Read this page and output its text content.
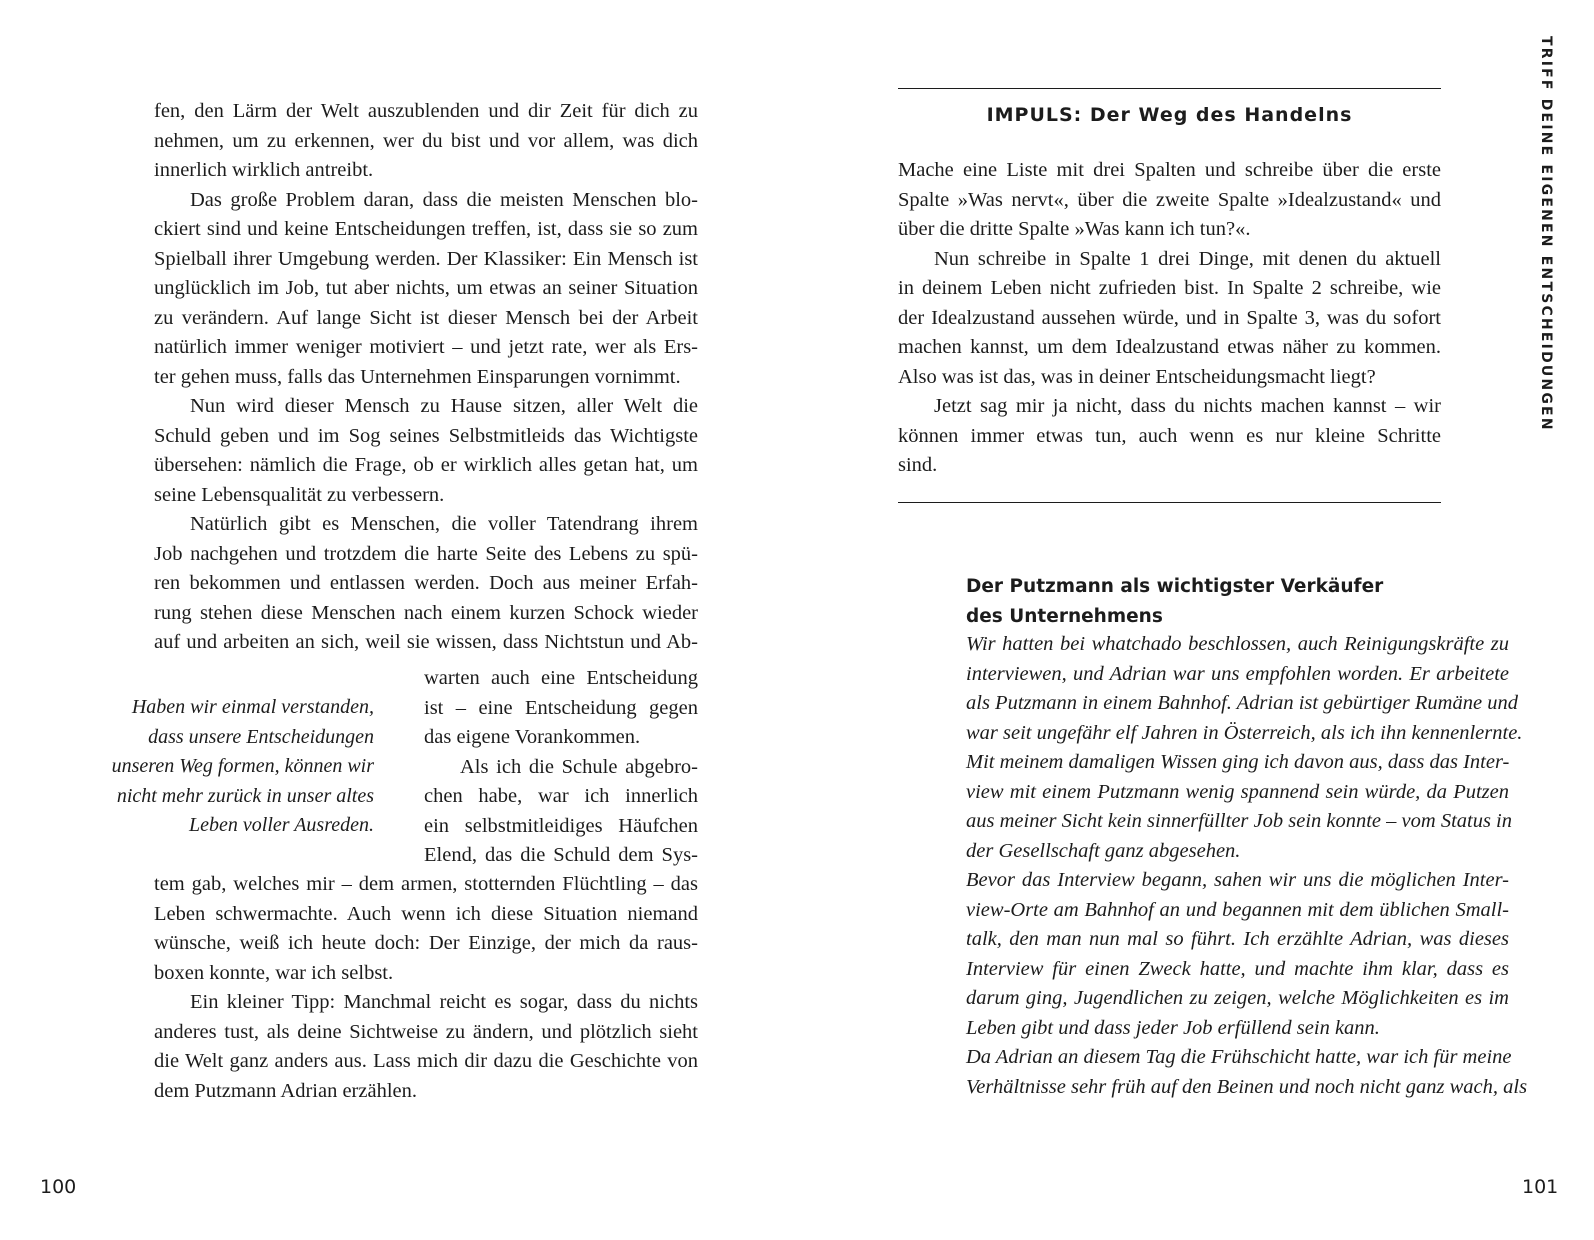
fen, den Lärm der Welt auszublenden und dir Zeit für dich zu
nehmen, um zu erkennen, wer du bist und vor allem, was dich
innerlich wirklich antreibt.
Das große Problem daran, dass die meisten Menschen blo-
ckiert sind und keine Entscheidungen treffen, ist, dass sie so zum
Spielball ihrer Umgebung werden. Der Klassiker: Ein Mensch ist
unglücklich im Job, tut aber nichts, um etwas an seiner Situation
zu verändern. Auf lange Sicht ist dieser Mensch bei der Arbeit
natürlich immer weniger motiviert – und jetzt rate, wer als Ers-
ter gehen muss, falls das Unternehmen Einsparungen vornimmt.
Nun wird dieser Mensch zu Hause sitzen, aller Welt die
Schuld geben und im Sog seines Selbstmitleids das Wichtigste
übersehen: nämlich die Frage, ob er wirklich alles getan hat, um
seine Lebensqualität zu verbessern.
Natürlich gibt es Menschen, die voller Tatendrang ihrem
Job nachgehen und trotzdem die harte Seite des Lebens zu spü-
ren bekommen und entlassen werden. Doch aus meiner Erfah-
rung stehen diese Menschen nach einem kurzen Schock wieder
auf und arbeiten an sich, weil sie wissen, dass Nichtstun und Ab-
warten auch eine Entscheidung
ist – eine Entscheidung gegen
das eigene Vorankommen.
Als ich die Schule abgebro-
chen habe, war ich innerlich
ein selbstmitleidiges Häufchen
Elend, das die Schuld dem Sys-
Haben wir einmal verstanden,
dass unsere Entscheidungen
unseren Weg formen, können wir
nicht mehr zurück in unser altes
Leben voller Ausreden.
tem gab, welches mir – dem armen, stotternden Flüchtling – das
Leben schwermachte. Auch wenn ich diese Situation niemand
wünsche, weiß ich heute doch: Der Einzige, der mich da raus-
boxen konnte, war ich selbst.
Ein kleiner Tipp: Manchmal reicht es sogar, dass du nichts
anderes tust, als deine Sichtweise zu ändern, und plötzlich sieht
die Welt ganz anders aus. Lass mich dir dazu die Geschichte von
dem Putzmann Adrian erzählen.
100
IMPULS: Der Weg des Handelns
Mache eine Liste mit drei Spalten und schreibe über die erste
Spalte »Was nervt«, über die zweite Spalte »Idealzustand« und
über die dritte Spalte »Was kann ich tun?«.
Nun schreibe in Spalte 1 drei Dinge, mit denen du aktuell
in deinem Leben nicht zufrieden bist. In Spalte 2 schreibe, wie
der Idealzustand aussehen würde, und in Spalte 3, was du sofort
machen kannst, um dem Idealzustand etwas näher zu kommen.
Also was ist das, was in deiner Entscheidungsmacht liegt?
Jetzt sag mir ja nicht, dass du nichts machen kannst – wir
können immer etwas tun, auch wenn es nur kleine Schritte
sind.
Der Putzmann als wichtigster Verkäufer
des Unternehmens
Wir hatten bei whatchado beschlossen, auch Reinigungskräfte zu
interviewen, und Adrian war uns empfohlen worden. Er arbeitete
als Putzmann in einem Bahnhof. Adrian ist gebürtiger Rumäne und
war seit ungefähr elf Jahren in Österreich, als ich ihn kennenlernte.
Mit meinem damaligen Wissen ging ich davon aus, dass das Inter-
view mit einem Putzmann wenig spannend sein würde, da Putzen
aus meiner Sicht kein sinnerfüllter Job sein konnte – vom Status in
der Gesellschaft ganz abgesehen.
Bevor das Interview begann, sahen wir uns die möglichen Inter-
view-Orte am Bahnhof an und begannen mit dem üblichen Small-
talk, den man nun mal so führt. Ich erzählte Adrian, was dieses
Interview für einen Zweck hatte, und machte ihm klar, dass es
darum ging, Jugendlichen zu zeigen, welche Möglichkeiten es im
Leben gibt und dass jeder Job erfüllend sein kann.
Da Adrian an diesem Tag die Frühschicht hatte, war ich für meine
Verhältnisse sehr früh auf den Beinen und noch nicht ganz wach, als
TRIFF DEINE EIGENEN ENTSCHEIDUNGEN
101
